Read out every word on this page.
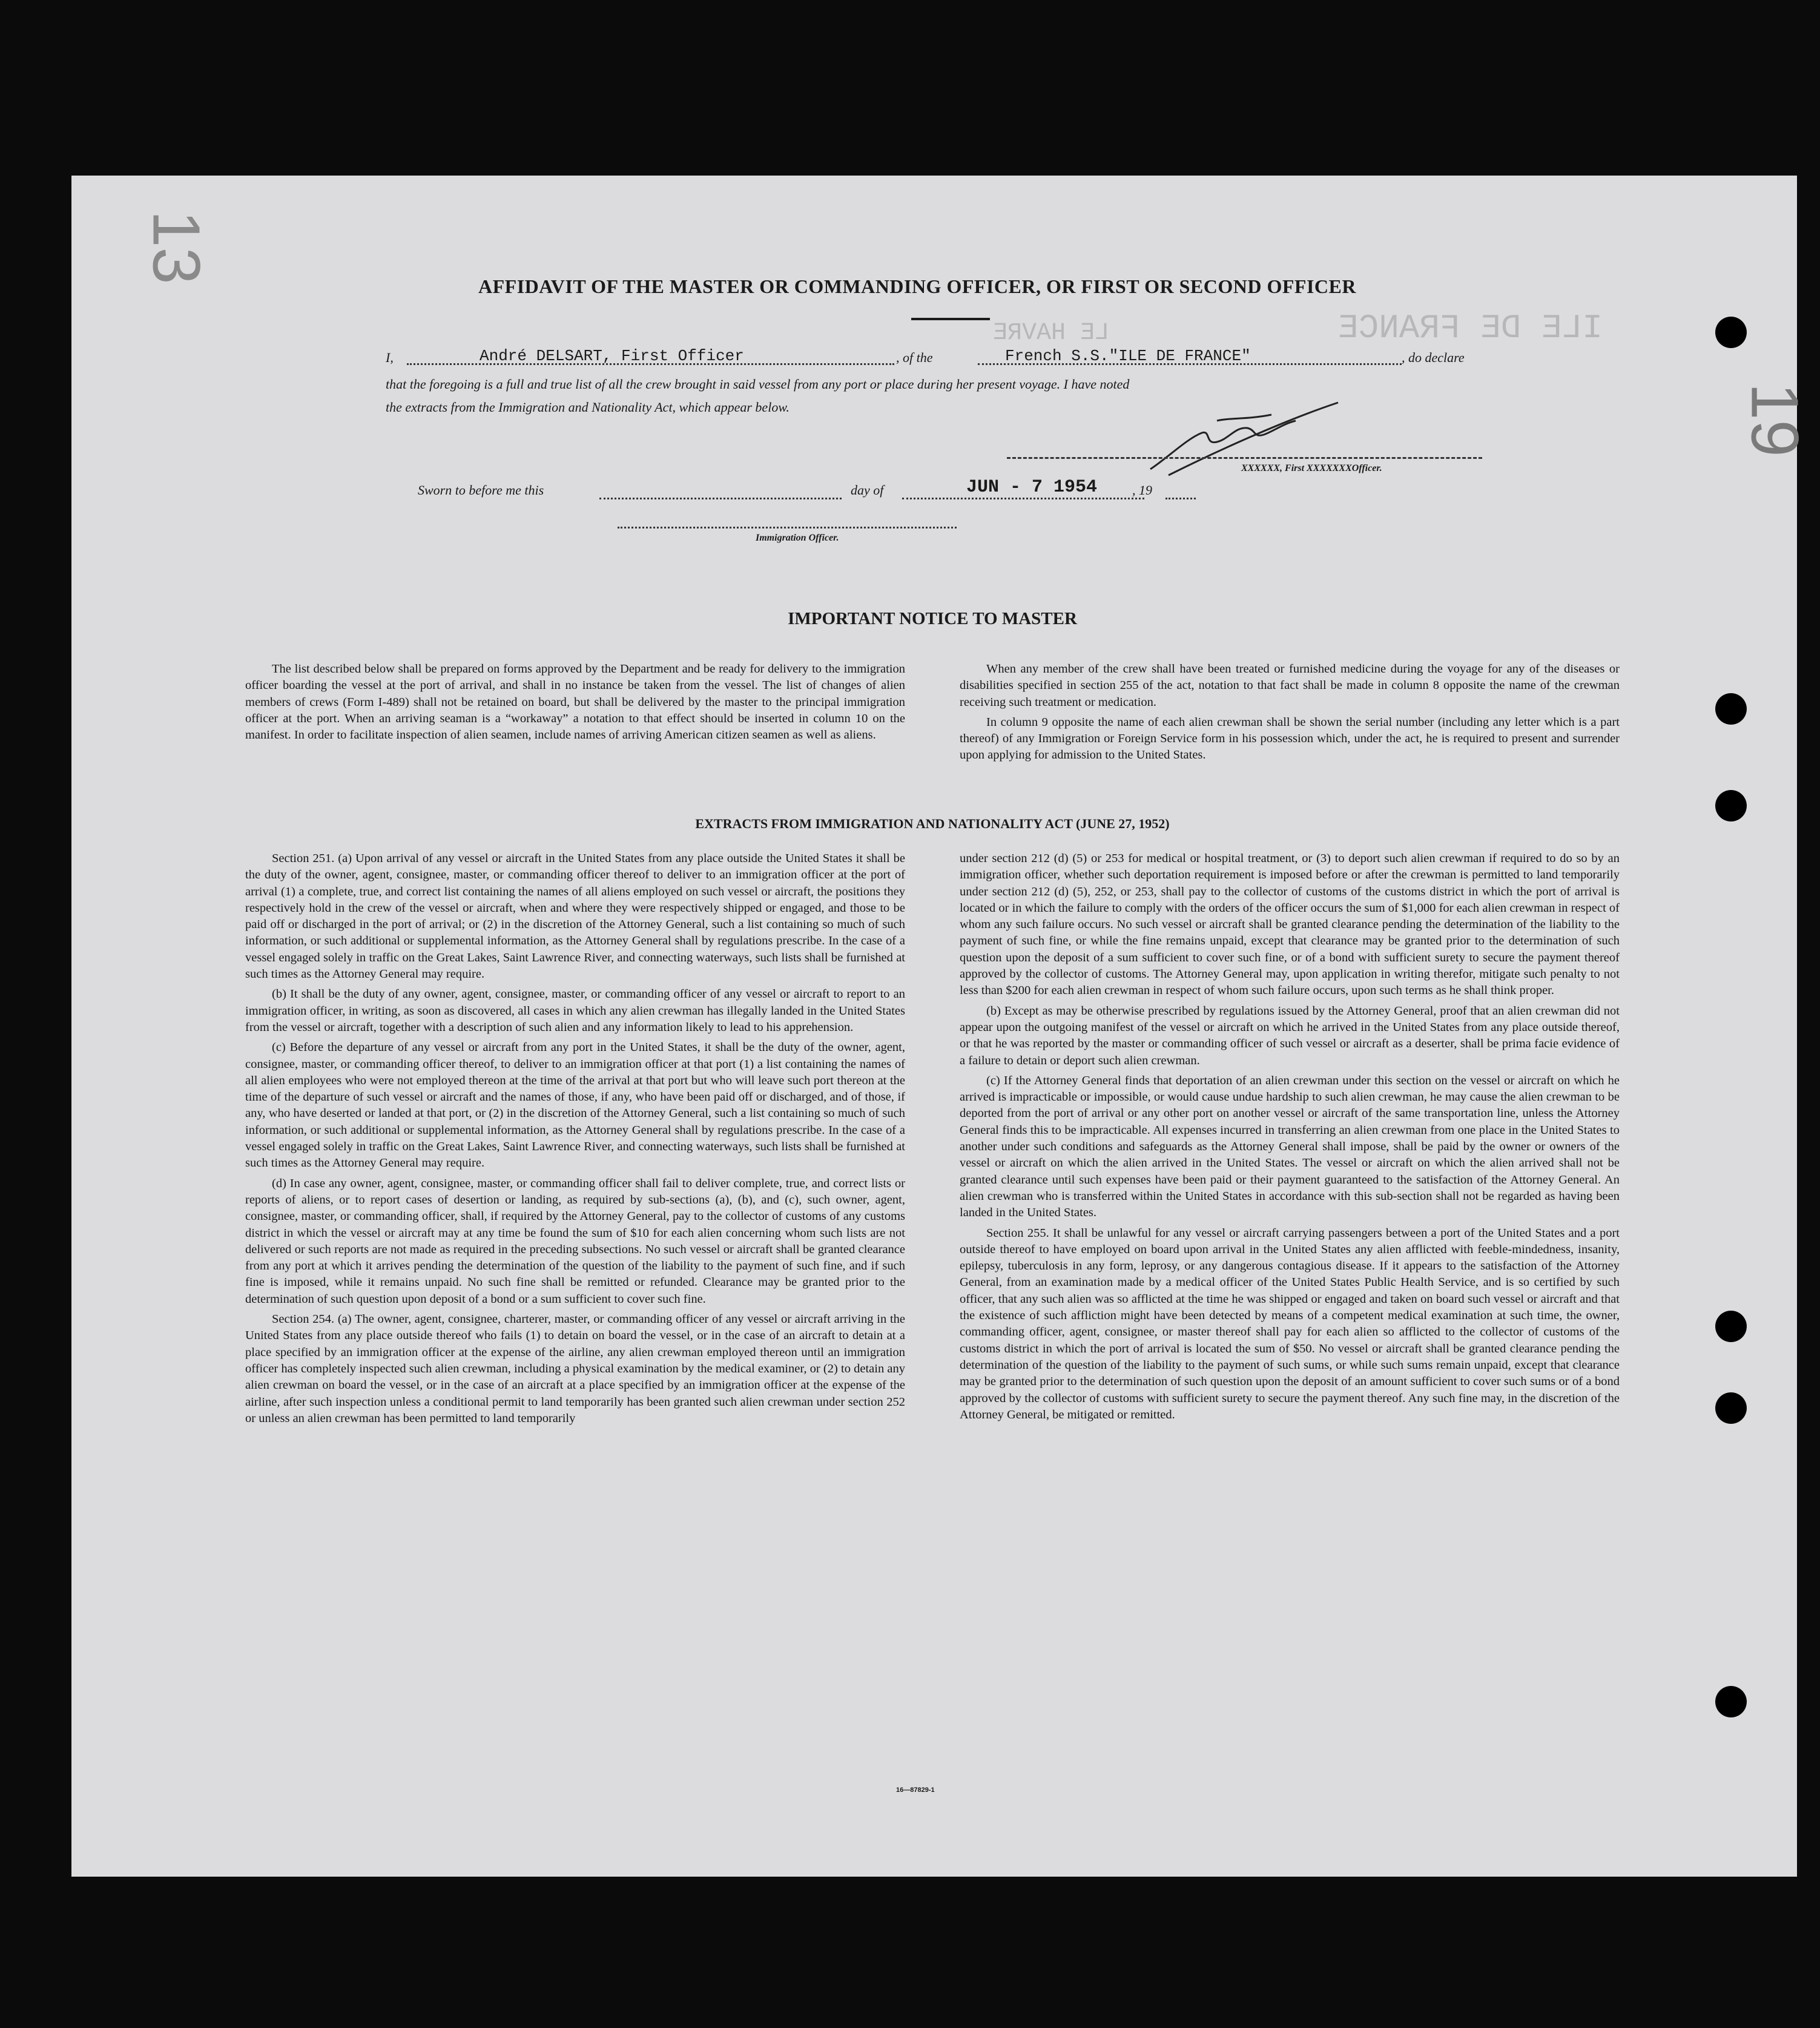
13
19
ILE DE FRANCE
LE HAVRE
AFFIDAVIT OF THE MASTER OR COMMANDING OFFICER, OR FIRST OR SECOND OFFICER
I,	André DELSART, First Officer	, of the	French S.S."ILE DE FRANCE"	, do declare
that the foregoing is a full and true list of all the crew brought in said vessel from any port or place during her present voyage. I have noted
the extracts from the Immigration and Nationality Act, which appear below.
XXXXXX, First XXXXXXXOfficer.
Sworn to before me this	day of	JUN - 7 1954	, 19
Immigration Officer.
IMPORTANT NOTICE TO MASTER

The list described below shall be prepared on forms approved by the Department and be ready for delivery to the immigration officer boarding the vessel at the port of arrival, and shall in no instance be taken from the vessel. The list of changes of alien members of crews (Form I-489) shall not be retained on board, but shall be delivered by the master to the principal immigration officer at the port. When an arriving seaman is a “workaway” a notation to that effect should be inserted in column 10 on the manifest. In order to facilitate inspection of alien seamen, include names of arriving American citizen seamen as well as aliens.

When any member of the crew shall have been treated or furnished medicine during the voyage for any of the diseases or disabilities specified in section 255 of the act, notation to that fact shall be made in column 8 opposite the name of the crewman receiving such treatment or medication.

In column 9 opposite the name of each alien crewman shall be shown the serial number (including any letter which is a part thereof) of any Immigration or Foreign Service form in his possession which, under the act, he is required to present and surrender upon applying for admission to the United States.

EXTRACTS FROM IMMIGRATION AND NATIONALITY ACT (JUNE 27, 1952)

Section 251. (a) Upon arrival of any vessel or aircraft in the United States from any place outside the United States it shall be the duty of the owner, agent, consignee, master, or commanding officer thereof to deliver to an immigration officer at the port of arrival (1) a complete, true, and correct list containing the names of all aliens employed on such vessel or aircraft, the positions they respectively hold in the crew of the vessel or aircraft, when and where they were respectively shipped or engaged, and those to be paid off or discharged in the port of arrival; or (2) in the discretion of the Attorney General, such a list containing so much of such information, or such additional or supplemental information, as the Attorney General shall by regulations prescribe. In the case of a vessel engaged solely in traffic on the Great Lakes, Saint Lawrence River, and connecting waterways, such lists shall be furnished at such times as the Attorney General may require.

(b) It shall be the duty of any owner, agent, consignee, master, or commanding officer of any vessel or aircraft to report to an immigration officer, in writing, as soon as discovered, all cases in which any alien crewman has illegally landed in the United States from the vessel or aircraft, together with a description of such alien and any information likely to lead to his apprehension.

(c) Before the departure of any vessel or aircraft from any port in the United States, it shall be the duty of the owner, agent, consignee, master, or commanding officer thereof, to deliver to an immigration officer at that port (1) a list containing the names of all alien employees who were not employed thereon at the time of the arrival at that port but who will leave such port thereon at the time of the departure of such vessel or aircraft and the names of those, if any, who have been paid off or discharged, and of those, if any, who have deserted or landed at that port, or (2) in the discretion of the Attorney General, such a list containing so much of such information, or such additional or supplemental information, as the Attorney General shall by regulations prescribe. In the case of a vessel engaged solely in traffic on the Great Lakes, Saint Lawrence River, and connecting waterways, such lists shall be furnished at such times as the Attorney General may require.

(d) In case any owner, agent, consignee, master, or commanding officer shall fail to deliver complete, true, and correct lists or reports of aliens, or to report cases of desertion or landing, as required by sub-sections (a), (b), and (c), such owner, agent, consignee, master, or commanding officer, shall, if required by the Attorney General, pay to the collector of customs of any customs district in which the vessel or aircraft may at any time be found the sum of $10 for each alien concerning whom such lists are not delivered or such reports are not made as required in the preceding subsections. No such vessel or aircraft shall be granted clearance from any port at which it arrives pending the determination of the question of the liability to the payment of such fine, and if such fine is imposed, while it remains unpaid. No such fine shall be remitted or refunded. Clearance may be granted prior to the determination of such question upon deposit of a bond or a sum sufficient to cover such fine.

Section 254. (a) The owner, agent, consignee, charterer, master, or commanding officer of any vessel or aircraft arriving in the United States from any place outside thereof who fails (1) to detain on board the vessel, or in the case of an aircraft to detain at a place specified by an immigration officer at the expense of the airline, any alien crewman employed thereon until an immigration officer has completely inspected such alien crewman, including a physical examination by the medical examiner, or (2) to detain any alien crewman on board the vessel, or in the case of an aircraft at a place specified by an immigration officer at the expense of the airline, after such inspection unless a conditional permit to land temporarily has been granted such alien crewman under section 252 or unless an alien crewman has been permitted to land temporarily

under section 212 (d) (5) or 253 for medical or hospital treatment, or (3) to deport such alien crewman if required to do so by an immigration officer, whether such deportation requirement is imposed before or after the crewman is permitted to land temporarily under section 212 (d) (5), 252, or 253, shall pay to the collector of customs of the customs district in which the port of arrival is located or in which the failure to comply with the orders of the officer occurs the sum of $1,000 for each alien crewman in respect of whom any such failure occurs. No such vessel or aircraft shall be granted clearance pending the determination of the liability to the payment of such fine, or while the fine remains unpaid, except that clearance may be granted prior to the determination of such question upon the deposit of a sum sufficient to cover such fine, or of a bond with sufficient surety to secure the payment thereof approved by the collector of customs. The Attorney General may, upon application in writing therefor, mitigate such penalty to not less than $200 for each alien crewman in respect of whom such failure occurs, upon such terms as he shall think proper.

(b) Except as may be otherwise prescribed by regulations issued by the Attorney General, proof that an alien crewman did not appear upon the outgoing manifest of the vessel or aircraft on which he arrived in the United States from any place outside thereof, or that he was reported by the master or commanding officer of such vessel or aircraft as a deserter, shall be prima facie evidence of a failure to detain or deport such alien crewman.

(c) If the Attorney General finds that deportation of an alien crewman under this section on the vessel or aircraft on which he arrived is impracticable or impossible, or would cause undue hardship to such alien crewman, he may cause the alien crewman to be deported from the port of arrival or any other port on another vessel or aircraft of the same transportation line, unless the Attorney General finds this to be impracticable. All expenses incurred in transferring an alien crewman from one place in the United States to another under such conditions and safeguards as the Attorney General shall impose, shall be paid by the owner or owners of the vessel or aircraft on which the alien arrived in the United States. The vessel or aircraft on which the alien arrived shall not be granted clearance until such expenses have been paid or their payment guaranteed to the satisfaction of the Attorney General. An alien crewman who is transferred within the United States in accordance with this sub-section shall not be regarded as having been landed in the United States.

Section 255. It shall be unlawful for any vessel or aircraft carrying passengers between a port of the United States and a port outside thereof to have employed on board upon arrival in the United States any alien afflicted with feeble-mindedness, insanity, epilepsy, tuberculosis in any form, leprosy, or any dangerous contagious disease. If it appears to the satisfaction of the Attorney General, from an examination made by a medical officer of the United States Public Health Service, and is so certified by such officer, that any such alien was so afflicted at the time he was shipped or engaged and taken on board such vessel or aircraft and that the existence of such affliction might have been detected by means of a competent medical examination at such time, the owner, commanding officer, agent, consignee, or master thereof shall pay for each alien so afflicted to the collector of customs of the customs district in which the port of arrival is located the sum of $50. No vessel or aircraft shall be granted clearance pending the determination of the question of the liability to the payment of such sums, or while such sums remain unpaid, except that clearance may be granted prior to the determination of such question upon the deposit of an amount sufficient to cover such sums or of a bond approved by the collector of customs with sufficient surety to secure the payment thereof. Any such fine may, in the discretion of the Attorney General, be mitigated or remitted.

16—87829-1
